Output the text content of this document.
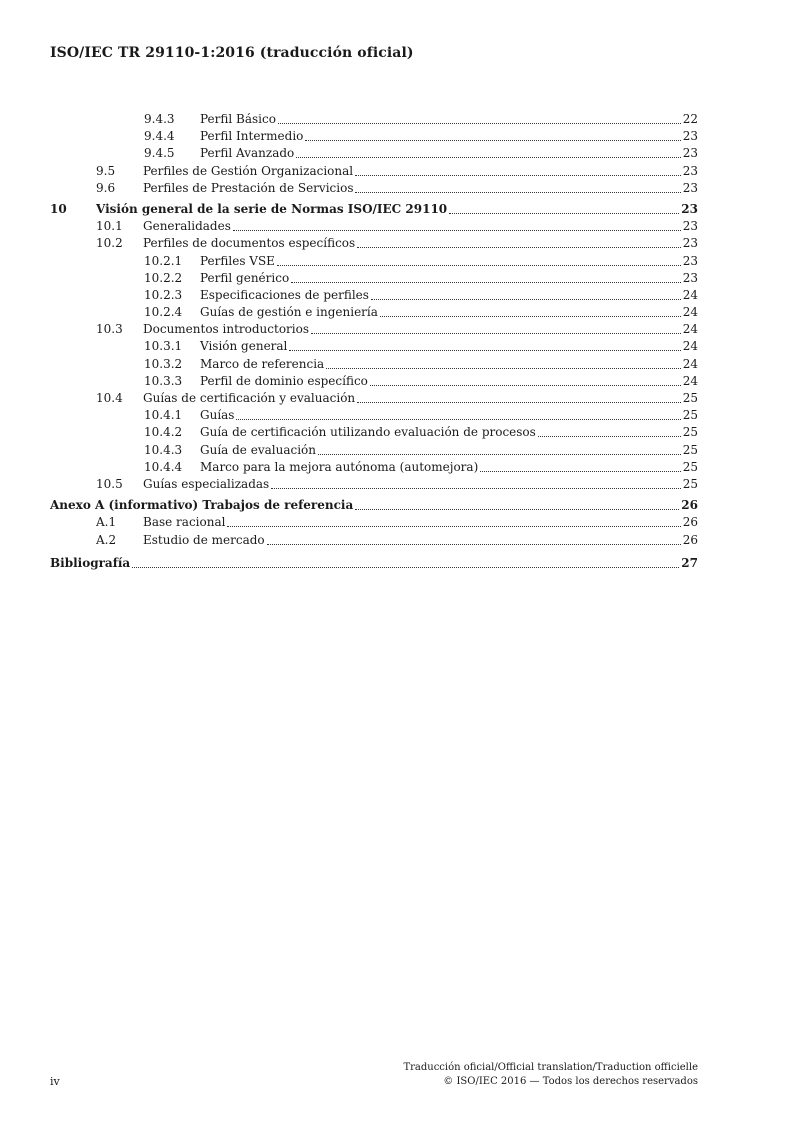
ISO/IEC TR 29110-1:2016 (traducción oficial)
9.4.3 Perfil Básico	22
9.4.4 Perfil Intermedio	23
9.4.5 Perfil Avanzado	23
9.5 Perfiles de Gestión Organizacional	23
9.6 Perfiles de Prestación de Servicios	23
10 Visión general de la serie de Normas ISO/IEC 29110	23
10.1 Generalidades	23
10.2 Perfiles de documentos específicos	23
10.2.1 Perfiles VSE	23
10.2.2 Perfil genérico	23
10.2.3 Especificaciones de perfiles	24
10.2.4 Guías de gestión e ingeniería	24
10.3 Documentos introductorios	24
10.3.1 Visión general	24
10.3.2 Marco de referencia	24
10.3.3 Perfil de dominio específico	24
10.4 Guías de certificación y evaluación	25
10.4.1 Guías	25
10.4.2 Guía de certificación utilizando evaluación de procesos	25
10.4.3 Guía de evaluación	25
10.4.4 Marco para la mejora autónoma (automejora)	25
10.5 Guías especializadas	25
Anexo A (informativo) Trabajos de referencia	26
A.1 Base racional	26
A.2 Estudio de mercado	26
Bibliografía	27
iv
Traducción oficial/Official translation/Traduction officielle
© ISO/IEC 2016 — Todos los derechos reservados
